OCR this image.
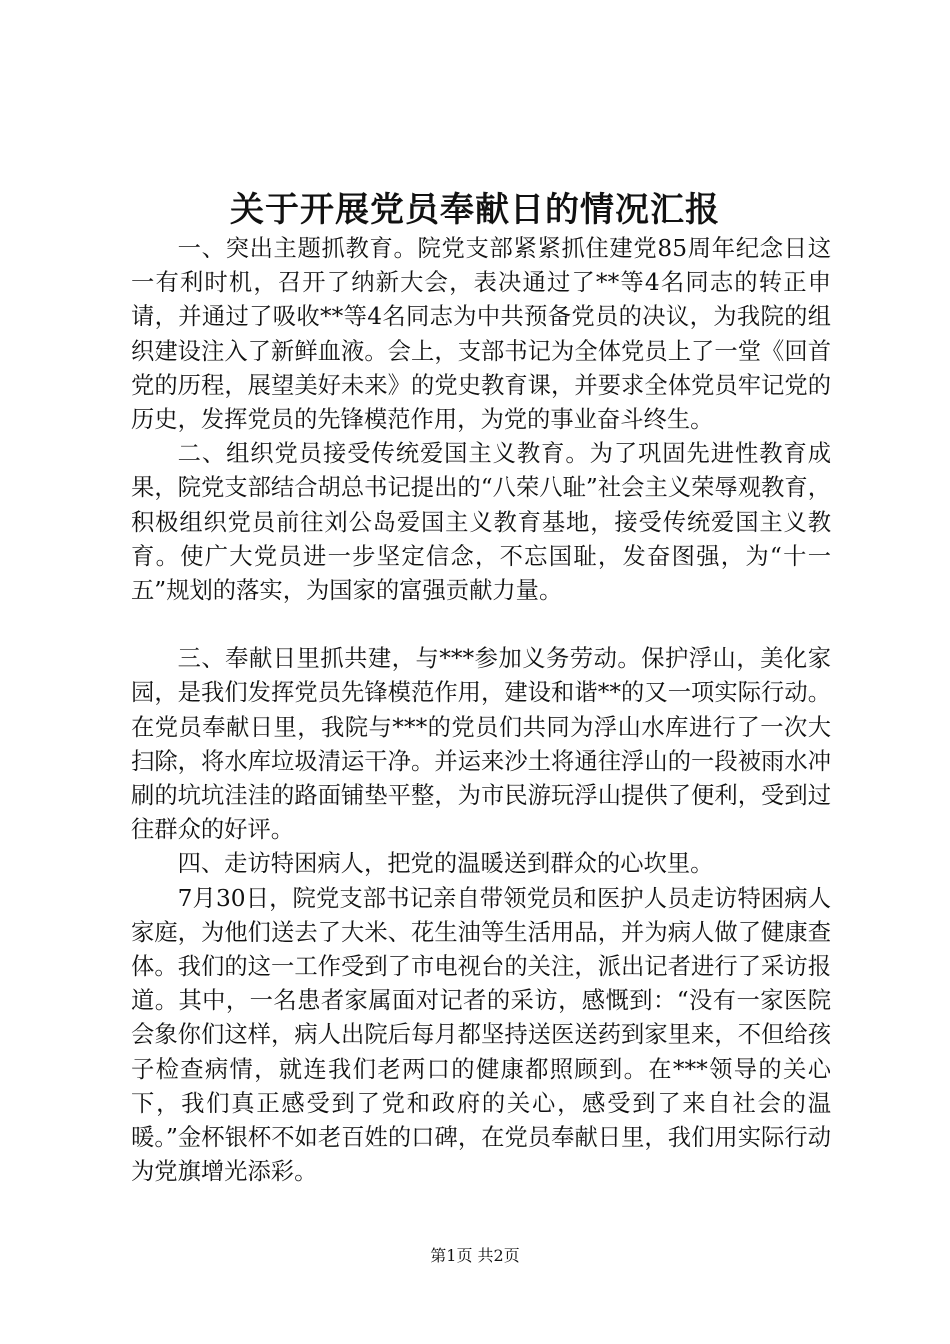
关于开展党员奉献日的情况汇报

一、突出主题抓教育。院党支部紧紧抓住建党85周年纪念日这一有利时机，召开了纳新大会，表决通过了**等4名同志的转正申请，并通过了吸收**等4名同志为中共预备党员的决议，为我院的组织建设注入了新鲜血液。会上，支部书记为全体党员上了一堂《回首党的历程，展望美好未来》的党史教育课，并要求全体党员牢记党的历史，发挥党员的先锋模范作用，为党的事业奋斗终生。

二、组织党员接受传统爱国主义教育。为了巩固先进性教育成果，院党支部结合胡总书记提出的“八荣八耻”社会主义荣辱观教育，积极组织党员前往刘公岛爱国主义教育基地，接受传统爱国主义教育。使广大党员进一步坚定信念，不忘国耻，发奋图强，为“十一五”规划的落实，为国家的富强贡献力量。

三、奉献日里抓共建，与***参加义务劳动。保护浮山，美化家园，是我们发挥党员先锋模范作用，建设和谐**的又一项实际行动。在党员奉献日里，我院与***的党员们共同为浮山水库进行了一次大扫除，将水库垃圾清运干净。并运来沙土将通往浮山的一段被雨水冲刷的坑坑洼洼的路面铺垫平整，为市民游玩浮山提供了便利，受到过往群众的好评。

四、走访特困病人，把党的温暖送到群众的心坎里。

7月30日，院党支部书记亲自带领党员和医护人员走访特困病人家庭，为他们送去了大米、花生油等生活用品，并为病人做了健康查体。我们的这一工作受到了市电视台的关注，派出记者进行了采访报道。其中，一名患者家属面对记者的采访，感慨到：“没有一家医院会象你们这样，病人出院后每月都坚持送医送药到家里来，不但给孩子检查病情，就连我们老两口的健康都照顾到。在***领导的关心下，我们真正感受到了党和政府的关心，感受到了来自社会的温暖。”金杯银杯不如老百姓的口碑，在党员奉献日里，我们用实际行动为党旗增光添彩。

第1页 共2页
